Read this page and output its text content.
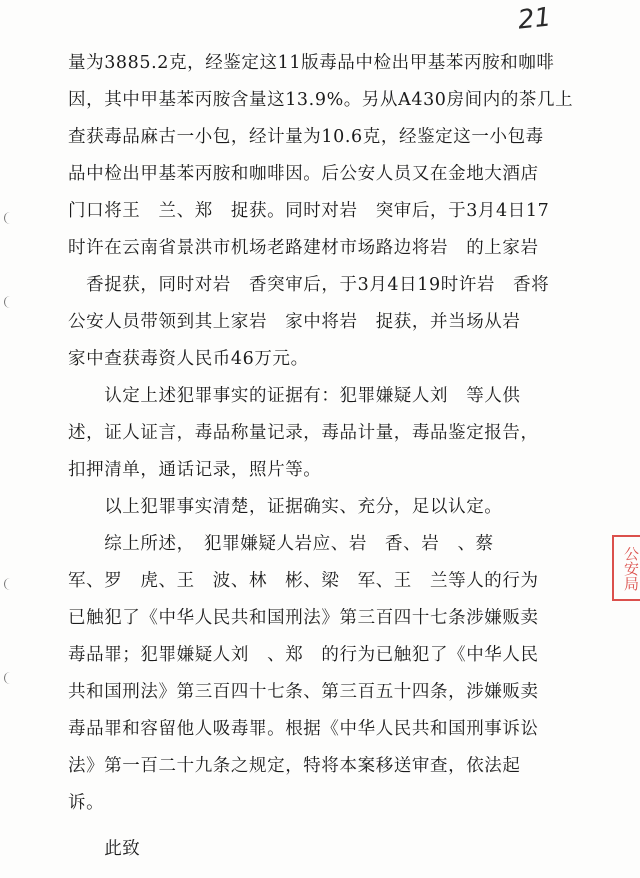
21
量为3885.2克，经鉴定这11版毒品中检出甲基苯丙胺和咖啡
因，其中甲基苯丙胺含量这13.9%。另从A430房间内的茶几上
查获毒品麻古一小包，经计量为10.6克，经鉴定这一小包毒
品中检出甲基苯丙胺和咖啡因。后公安人员又在金地大酒店
门口将王　兰、郑　捉获。同时对岩　突审后，于3月4日17
时许在云南省景洪市机场老路建材市场路边将岩　的上家岩
　香捉获，同时对岩　香突审后，于3月4日19时许岩　香将
公安人员带领到其上家岩　家中将岩　捉获，并当场从岩
家中查获毒资人民币46万元。
　　认定上述犯罪事实的证据有：犯罪嫌疑人刘　等人供
述，证人证言，毒品称量记录，毒品计量，毒品鉴定报告，
扣押清单，通话记录，照片等。
　　以上犯罪事实清楚，证据确实、充分，足以认定。
　　综上所述，　犯罪嫌疑人岩应、岩　香、岩　、蔡
军、罗　虎、王　波、林　彬、梁　军、王　兰等人的行为
已触犯了《中华人民共和国刑法》第三百四十七条涉嫌贩卖
毒品罪；犯罪嫌疑人刘　、郑　的行为已触犯了《中华人民
共和国刑法》第三百四十七条、第三百五十四条，涉嫌贩卖
毒品罪和容留他人吸毒罪。根据《中华人民共和国刑事诉讼
法》第一百二十九条之规定，特将本案移送审查，依法起
诉。
　　此致
公安局
